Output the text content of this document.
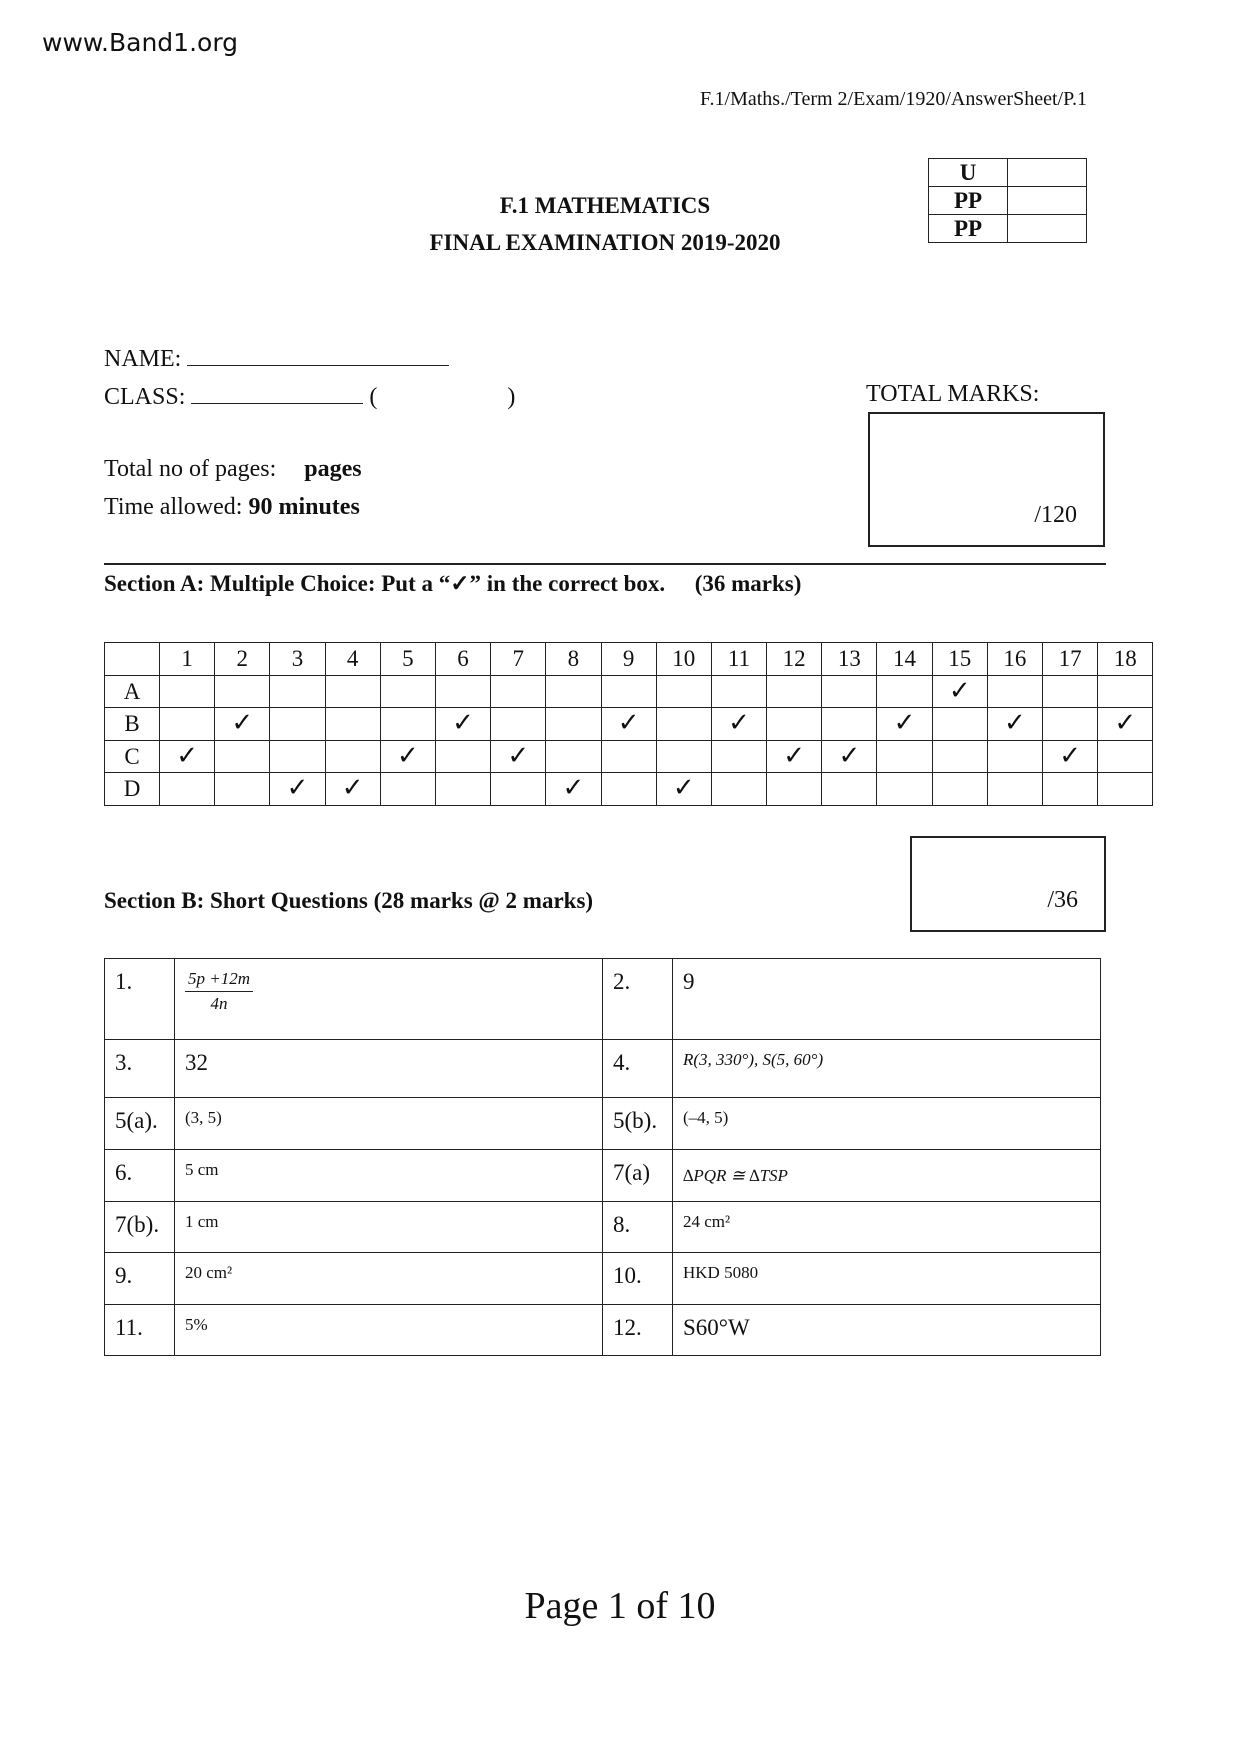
www.Band1.org
F.1/Maths./Term 2/Exam/1920/AnswerSheet/P.1
F.1 MATHEMATICS
FINAL EXAMINATION 2019-2020
U	
PP	
PP	
NAME:
CLASS:	(	)	TOTAL MARKS:
/120
Total no of pages: pages
Time allowed: 90 minutes
Section A: Multiple Choice: Put a “✓” in the correct box. (36 marks)
	1	2	3	4	5	6	7	8	9	10	11	12	13	14	15	16	17	18
A															✓			
B		✓				✓			✓		✓			✓		✓		✓
C	✓				✓		✓					✓	✓				✓	
D			✓	✓				✓		✓								
/36
Section B: Short Questions (28 marks @ 2 marks)
1.	$\frac{5p +12m}{4n}$	2.	9
3.	32	4.	R(3, 330°), S(5, 60°)
5(a).	(3, 5)	5(b).	(–4, 5)
6.	5 cm	7(a)	∆PQR ≅ ∆TSP
7(b).	1 cm	8.	24 cm²
9.	20 cm²	10.	HKD 5080
11.	5%	12.	S60°W
Page 1 of 10
